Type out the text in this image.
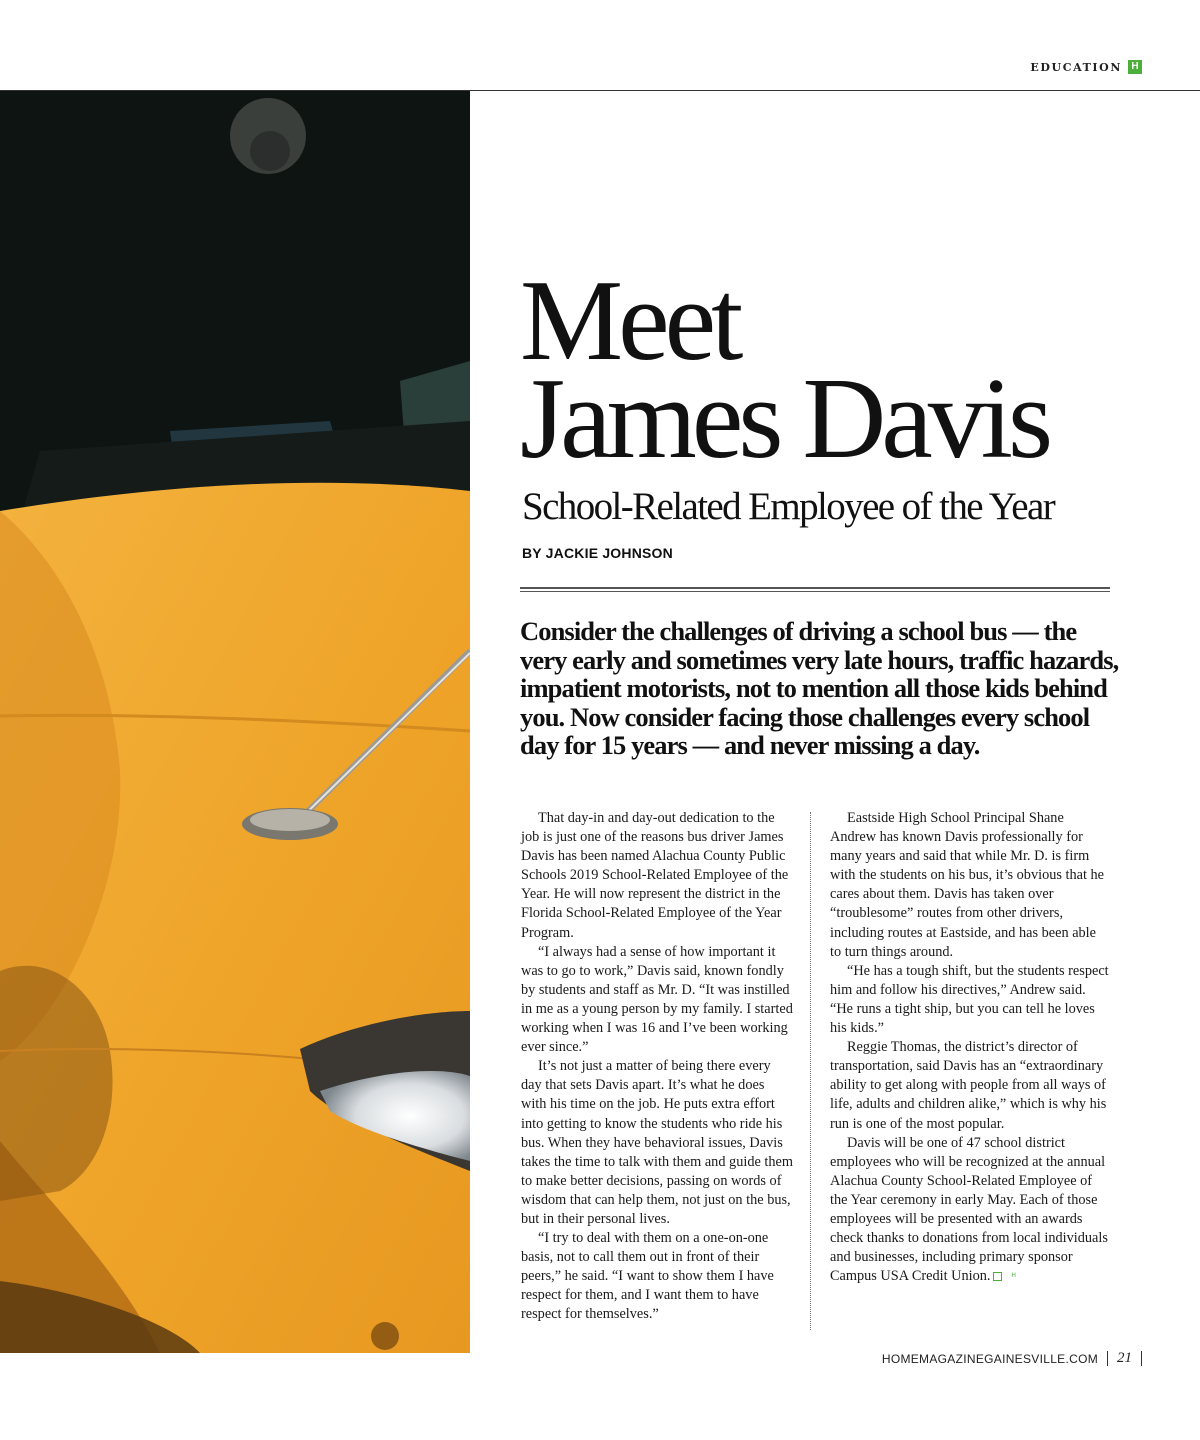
EDUCATION H
Meet
James Davis
School-Related Employee of the Year
BY JACKIE JOHNSON
Consider the challenges of driving a school bus — the very early and sometimes very late hours, traffic hazards, impatient motorists, not to mention all those kids behind you. Now consider facing those challenges every school day for 15 years — and never missing a day.

That day-in and day-out dedication to the job is just one of the reasons bus driver James Davis has been named Alachua County Public Schools 2019 School-Related Employee of the Year. He will now represent the district in the Florida School-Related Employee of the Year Program.

“I always had a sense of how important it was to go to work,” Davis said, known fondly by students and staff as Mr. D. “It was instilled in me as a young person by my family. I started working when I was 16 and I’ve been working ever since.”

It’s not just a matter of being there every day that sets Davis apart. It’s what he does with his time on the job. He puts extra effort into getting to know the students who ride his bus. When they have behavioral issues, Davis takes the time to talk with them and guide them to make better decisions, passing on words of wisdom that can help them, not just on the bus, but in their personal lives.

“I try to deal with them on a one-on-one basis, not to call them out in front of their peers,” he said. “I want to show them I have respect for them, and I want them to have respect for themselves.”

Eastside High School Principal Shane Andrew has known Davis professionally for many years and said that while Mr. D. is firm with the students on his bus, it’s obvious that he cares about them. Davis has taken over “troublesome” routes from other drivers, including routes at Eastside, and has been able to turn things around.

“He has a tough shift, but the students respect him and follow his directives,” Andrew said. “He runs a tight ship, but you can tell he loves his kids.”

Reggie Thomas, the district’s director of transportation, said Davis has an “extraordinary ability to get along with people from all ways of life, adults and children alike,” which is why his run is one of the most popular.

Davis will be one of 47 school district employees who will be recognized at the annual Alachua County School-Related Employee of the Year ceremony in early May. Each of those employees will be presented with an awards check thanks to donations from local individuals and businesses, including primary sponsor Campus USA Credit Union.	H

HOMEMAGAZINEGAINESVILLE.COM 21
